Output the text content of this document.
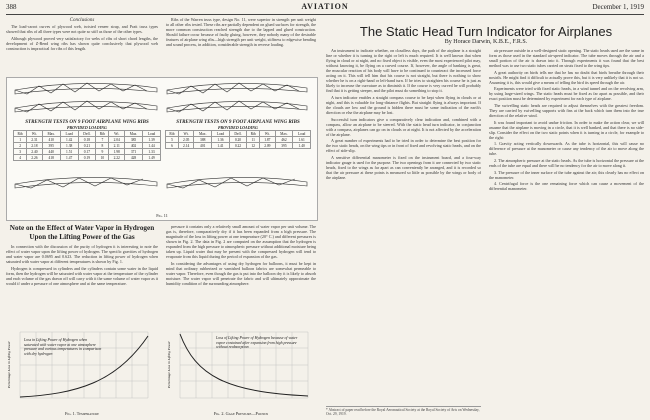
388	AVIATION	December 1, 1919
Conclusions

The load-carrot curves of plywood web, twisted veneer strap, and Pratt truss types showed that ribs of all three types were not quite so stiff as those of the other types.

Although plywood proved very satisfactory for webs of ribs of short chord lengths, the development of Z-Bend wing ribs has shown quite conclusively that plywood web construction is impractical for ribs of this length.

Ribs of the Warren truss type, design No. 11, were superior in strength per unit weight to all other ribs tested. These ribs are partially dependent on glued surfaces for strength, the more common construction reached strength due to the lapped and glued construction. Should failure occur because of faulty gluing, however, they nobody many of the desirable features of airplane wing ribs—high strength per unit weight, stiffness to edgewise bending and sound process, in addition, considerable strength in reverse loading.

STRENGTH TESTS ON 9 FOOT AIRPLANE WING RIBS
PROVIDED LOADING
Rib	Wt.	Max.	Load	Defl.	Rib	Wt.	Max.	Load
1	2.31	410	1.42	0.18	7	2.04	385	1.39
2	2.18	395	1.38	0.21	8	2.11	402	1.44
3	2.40	440	1.51	0.17	9	1.98	371	1.33
4	2.26	418	1.47	0.19	10	2.22	428	1.49
STRENGTH TESTS ON 9 FOOT AIRPLANE WING RIBS
PROVIDED LOADING
Rib	Wt.	Max.	Load	Defl.	Rib	Wt.	Max.	Load
5	2.05	388	1.36	0.20	11	1.87	462	1.61
6	2.14	401	1.41	0.22	12	2.09	395	1.40
Fig. 11
Note on the Effect of Water Vapor in Hydrogen Upon the Lifting Power of the Gas

In connection with the discussion of the purity of hydrogen it is interesting to note the effect of water vapor upon the lifting power of hydrogen. The specific gravities of hydrogen and water vapor are 0.0695 and 0.623. The reduction in lifting power of hydrogen when saturated with water vapor at different temperatures is shown by Fig. 1.

Hydrogen is compressed in cylinders and the cylinders contain some water in the liquid form, then the hydrogen will be saturated with water vapor at the temperature of the cylinder and each volume of the gas drawn off will carry with it the same volume of water vapor as it would if under a pressure of one atmosphere and at the same temperature.

pressure it contains only a relatively small amount of water vapor per unit volume. The gas is, therefore, comparatively dry if it has been expanded from a high pressure. The magnitude of the loss in lifting power at one temperature (20° C.) and different pressures is shown in Fig. 2. The data in Fig. 2 are computed on the assumption that the hydrogen is expanded from the high pressure to atmospheric pressure without additional moisture being taken up. Liquid water that may be present with the compressed hydrogen will tend to evaporate from this liquid during the period of expansion of the gas.

In considering the advantages of using dry hydrogen for balloons, it must be kept in mind that ordinary rubberized or varnished balloon fabrics are somewhat permeable to water vapor. Therefore, even though the gas is put into the balloon dry it is likely to absorb moisture. The water vapor will penetrate the fabric and will ultimately approximate the humidity condition of the surrounding atmosphere.

Loss in Lifting Power of Hydrogen when saturated with water vapor at one atmosphere pressure and various temperatures in comparison with dry hydrogen
Percentage Loss in Lifting Power
Fig. 1. Temperature
Loss of Lifting Power of Hydrogen because of water vapor contained after expansion from high pressure without reabsorption
Percentage Loss in Lifting Power
Fig. 2. Gage Pressure—Pounds
The Static Head Turn Indicator for Airplanes
By Horace Darwin, K.B.E., F.R.S.

An instrument to indicate whether, on cloudless days, the path of the airplane is a straight line or whether it is turning to the right or left is much required. It is well known that when flying in cloud or at night, and no fixed object is visible, even the most experienced pilot may, without knowing it, be flying on a curved course. If, however, the angle of banking is great, the muscular reaction of his body will have to be continued to counteract the increased force acting on it. This will tell him that his course is not straight, but there is nothing to show whether he is on a right-hand or left-hand turn. If he tries to straighten his course he is just as likely to increase the curvature as to diminish it. If the course is very curved he will probably find that it is getting steeper, and the pilot must do something to stop it.

A turn indicator enables a straight compass course to be kept when flying in clouds or at night, and this is valuable for long-distance flights. But straight flying is always important. If the clouds are low and the ground is hidden there must be some indication of the earth's direction or else the airplane may be lost.

Successful turn indicators give a comparatively clear indication and, combined with a compass, allow an airplane to be steered. With the static head turn indicator, in conjunction with a compass, airplanes can go on in clouds or at night. It is not affected by the acceleration of the airplane.

A great number of experiments had to be tried in order to determine the best position for the two static heads, on the wing tips or in front of fixed and revolving static heads, and on the effect of side-slip.

A sensitive differential manometer is fixed on the instrument board, and a four-way indicator gauge is used for the purpose. The two openings from it are connected by two static heads, fixed to the wings as far apart as can conveniently be arranged, and it is recorded so that the air pressure at these points is measured so little as possible by the wings or body of the airplane.

* Abstract of paper read before the Royal Aeronautical Society at the Royal Society of Arts on Wednesday, Oct. 29, 1919.

air pressure outside in a well-designed static opening. The static heads used are the same in form as those used in the standard air-speed indicator. The tube moves through the air and a small portion of the air is drawn into it. Through experiments it was found that the best method was to use two static tubes carried on struts fixed to the wing tips.

A great authority on birds tells me that he has no doubt that birds breathe through their nostrils. He might find it difficult to actually prove this, but it is very unlikely that it is not so. Assuming it is, this would give a means of telling the bird its speed through the air.

Experiments were tried with fixed static heads, in a wind tunnel and on the revolving arm, by using large-sized wings. The static heads must be fixed as far apart as possible, and their exact position must be determined by experiment for each type of airplane.

The swivelling static heads are required to adjust themselves with the greatest freedom. They are carried by swivelling supports with fins at the back which turn them into the true direction of the relative wind.

It was found important to avoid undue friction. In order to make the action clear, we will assume that the airplane is moving in a circle, that it is well banked, and that there is no side-slip. Consider the effect on the two static points when it is turning in a circle, for example to the right:

1. Gravity acting vertically downwards. As the tube is horizontal, this will cause no difference of pressure at the manometer or cause any tendency of the air to move along the tube.

2. The atmospheric pressure at the static heads. As the tube is horizontal the pressure at the ends of the tube are equal and there will be no tendency for the air to move along it.

3. The pressure of the inner surface of the tube against the air; this clearly has no effect on the manometer.

4. Centrifugal force is the one remaining force which can cause a movement of the differential manometer.
